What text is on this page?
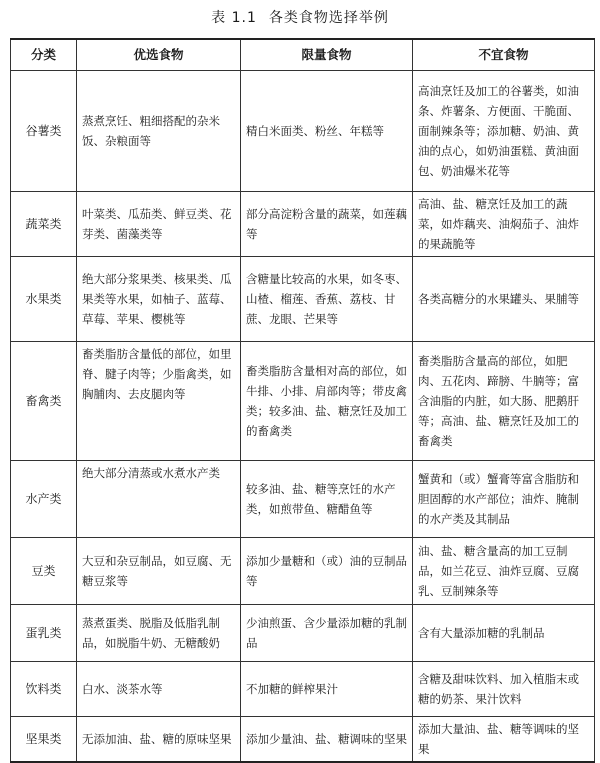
表 1.1 各类食物选择举例
分类	优选食物	限量食物	不宜食物
谷薯类	蒸煮烹饪、粗细搭配的杂米饭、杂粮面等	精白米面类、粉丝、年糕等	高油烹饪及加工的谷薯类，如油条、炸薯条、方便面、干脆面、面制辣条等；添加糖、奶油、黄油的点心，如奶油蛋糕、黄油面包、奶油爆米花等
蔬菜类	叶菜类、瓜茄类、鲜豆类、花芽类、菌藻类等	部分高淀粉含量的蔬菜，如莲藕等	高油、盐、糖烹饪及加工的蔬菜，如炸藕夹、油焖茄子、油炸的果蔬脆等
水果类	绝大部分浆果类、核果类、瓜果类等水果，如柚子、蓝莓、草莓、苹果、樱桃等	含糖量比较高的水果，如冬枣、山楂、榴莲、香蕉、荔枝、甘蔗、龙眼、芒果等	各类高糖分的水果罐头、果脯等
畜禽类	畜类脂肪含量低的部位，如里脊、腱子肉等；少脂禽类，如胸脯肉、去皮腿肉等	畜类脂肪含量相对高的部位，如牛排、小排、肩部肉等；带皮禽类；较多油、盐、糖烹饪及加工的畜禽类	畜类脂肪含量高的部位，如肥肉、五花肉、蹄膀、牛腩等；富含油脂的内脏，如大肠、肥鹅肝等；高油、盐、糖烹饪及加工的畜禽类
水产类	绝大部分清蒸或水煮水产类	较多油、盐、糖等烹饪的水产类，如煎带鱼、糖醋鱼等	蟹黄和（或）蟹膏等富含脂肪和胆固醇的水产部位；油炸、腌制的水产类及其制品
豆类	大豆和杂豆制品，如豆腐、无糖豆浆等	添加少量糖和（或）油的豆制品等	油、盐、糖含量高的加工豆制品，如兰花豆、油炸豆腐、豆腐乳、豆制辣条等
蛋乳类	蒸煮蛋类、脱脂及低脂乳制品，如脱脂牛奶、无糖酸奶	少油煎蛋、含少量添加糖的乳制品	含有大量添加糖的乳制品
饮料类	白水、淡茶水等	不加糖的鲜榨果汁	含糖及甜味饮料、加入植脂末或糖的奶茶、果汁饮料
坚果类	无添加油、盐、糖的原味坚果	添加少量油、盐、糖调味的坚果	添加大量油、盐、糖等调味的坚果
